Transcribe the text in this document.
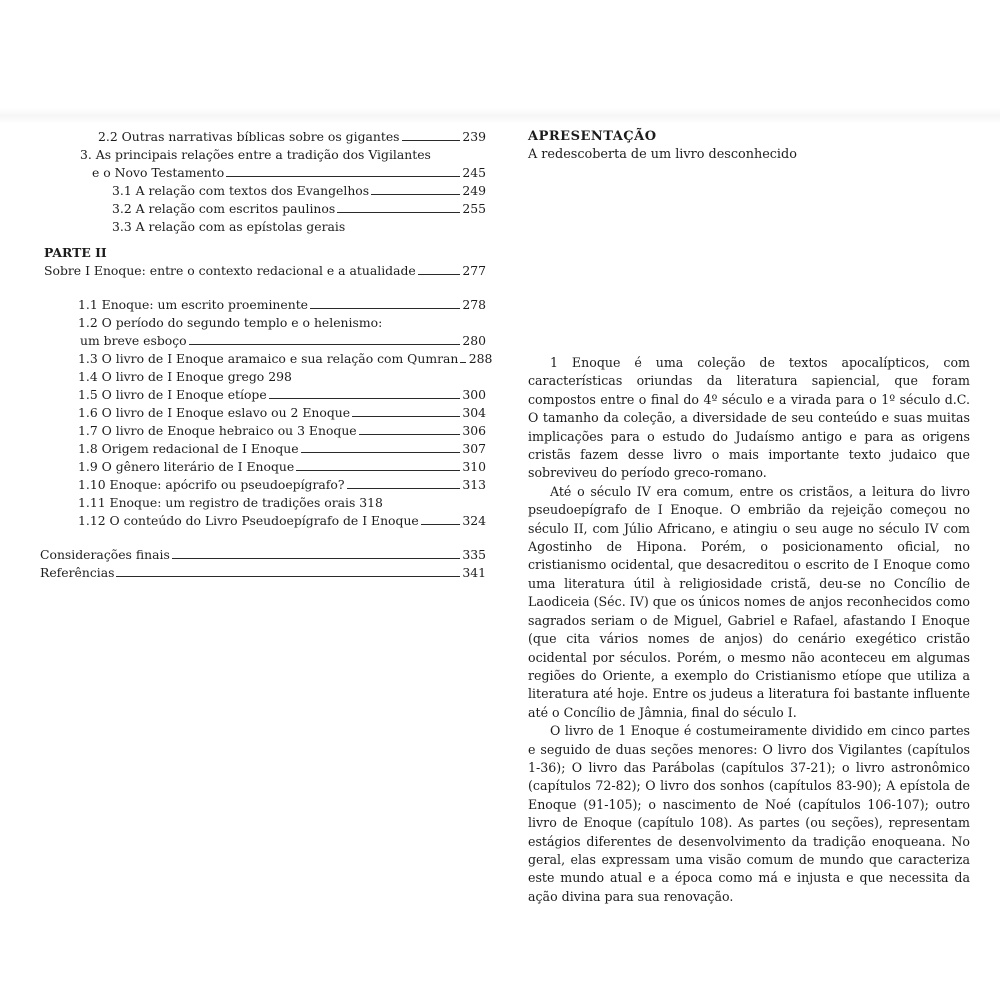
2.2 Outras narrativas bíblicas sobre os gigantes	239
3. As principais relações entre a tradição dos Vigilantes
e o Novo Testamento	245
3.1 A relação com textos dos Evangelhos	249
3.2 A relação com escritos paulinos	255
3.3 A relação com as epístolas gerais
PARTE II
Sobre I Enoque: entre o contexto redacional e a atualidade	277
1.1 Enoque: um escrito proeminente	278
1.2 O período do segundo templo e o helenismo:
um breve esboço	280
1.3 O livro de I Enoque aramaico e sua relação com Qumran 288
1.4 O livro de I Enoque grego 298
1.5 O livro de I Enoque etíope	300
1.6 O livro de I Enoque eslavo ou 2 Enoque	304
1.7 O livro de Enoque hebraico ou 3 Enoque	306
1.8 Origem redacional de I Enoque	307
1.9 O gênero literário de I Enoque	310
1.10 Enoque: apócrifo ou pseudoepígrafo?	313
1.11 Enoque: um registro de tradições orais 318
1.12 O conteúdo do Livro Pseudoepígrafo de I Enoque	324
Considerações finais	335
Referências	341
APRESENTAÇÃO
A redescoberta de um livro desconhecido

1 Enoque é uma coleção de textos apocalípticos, com características oriundas da literatura sapiencial, que foram compostos entre o final do 4º século e a virada para o 1º século d.C. O tamanho da coleção, a diversidade de seu conteúdo e suas muitas implicações para o estudo do Judaísmo antigo e para as origens cristãs fazem desse livro o mais importante texto judaico que sobreviveu do período greco-romano.

Até o século IV era comum, entre os cristãos, a leitura do livro pseudoepígrafo de I Enoque. O embrião da rejeição começou no século II, com Júlio Africano, e atingiu o seu auge no século IV com Agostinho de Hipona. Porém, o posicionamento oficial, no cristianismo ocidental, que desacreditou o escrito de I Enoque como uma literatura útil à religiosidade cristã, deu-se no Concílio de Laodiceia (Séc. IV) que os únicos nomes de anjos reconhecidos como sagrados seriam o de Miguel, Gabriel e Rafael, afastando I Enoque (que cita vários nomes de anjos) do cenário exegético cristão ocidental por séculos. Porém, o mesmo não aconteceu em algumas regiões do Oriente, a exemplo do Cristianismo etíope que utiliza a literatura até hoje. Entre os judeus a literatura foi bastante influente até o Concílio de Jâmnia, final do século I.

O livro de 1 Enoque é costumeiramente dividido em cinco partes e seguido de duas seções menores: O livro dos Vigilantes (capítulos 1-36); O livro das Parábolas (capítulos 37-21); o livro astronômico (capítulos 72-82); O livro dos sonhos (capítulos 83-90); A epístola de Enoque (91-105); o nascimento de Noé (capítulos 106-107); outro livro de Enoque (capítulo 108). As partes (ou seções), representam estágios diferentes de desenvolvimento da tradição enoqueana. No geral, elas expressam uma visão comum de mundo que caracteriza este mundo atual e a época como má e injusta e que necessita da ação divina para sua renovação.
